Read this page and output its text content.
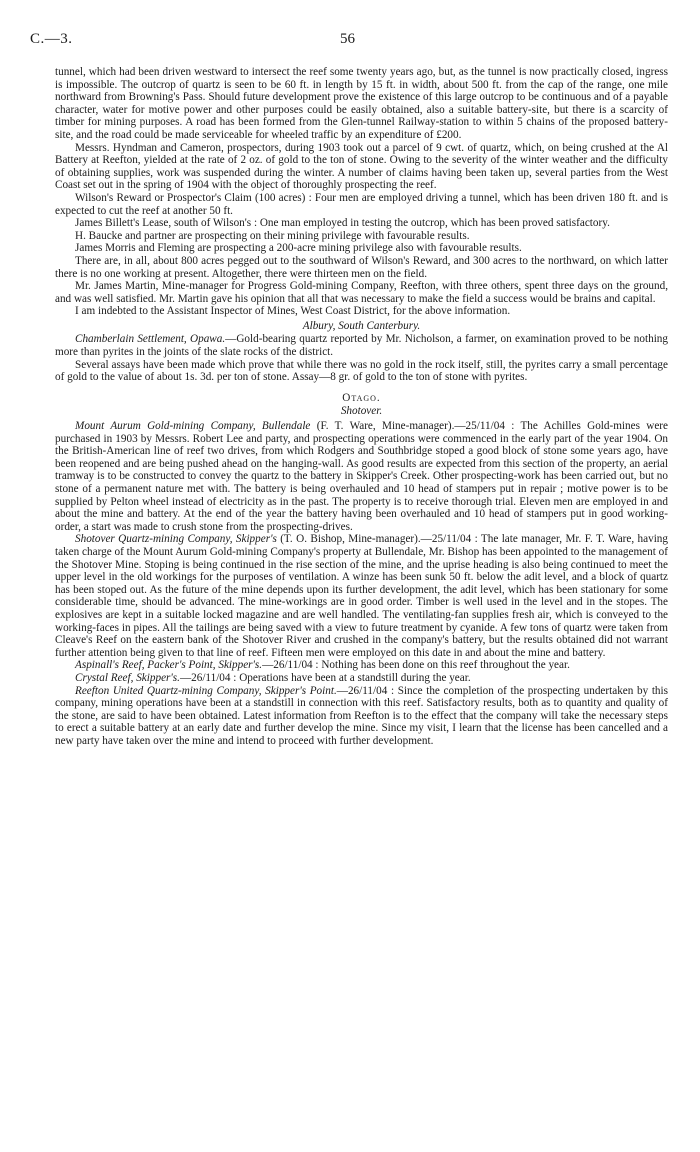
C.—3.	56

tunnel, which had been driven westward to intersect the reef some twenty years ago, but, as the tunnel is now practically closed, ingress is impossible. The outcrop of quartz is seen to be 60 ft. in length by 15 ft. in width, about 500 ft. from the cap of the range, one mile northward from Browning's Pass. Should future development prove the existence of this large outcrop to be continuous and of a payable character, water for motive power and other purposes could be easily obtained, also a suitable battery-site, but there is a scarcity of timber for mining purposes. A road has been formed from the Glen-tunnel Railway-station to within 5 chains of the proposed battery-site, and the road could be made serviceable for wheeled traffic by an expenditure of £200.

Messrs. Hyndman and Cameron, prospectors, during 1903 took out a parcel of 9 cwt. of quartz, which, on being crushed at the Al Battery at Reefton, yielded at the rate of 2 oz. of gold to the ton of stone. Owing to the severity of the winter weather and the difficulty of obtaining supplies, work was suspended during the winter. A number of claims having been taken up, several parties from the West Coast set out in the spring of 1904 with the object of thoroughly prospecting the reef.

Wilson's Reward or Prospector's Claim (100 acres) : Four men are employed driving a tunnel, which has been driven 180 ft. and is expected to cut the reef at another 50 ft.

James Billett's Lease, south of Wilson's : One man employed in testing the outcrop, which has been proved satisfactory.

H. Baucke and partner are prospecting on their mining privilege with favourable results.

James Morris and Fleming are prospecting a 200-acre mining privilege also with favourable results.

There are, in all, about 800 acres pegged out to the southward of Wilson's Reward, and 300 acres to the northward, on which latter there is no one working at present. Altogether, there were thirteen men on the field.

Mr. James Martin, Mine-manager for Progress Gold-mining Company, Reefton, with three others, spent three days on the ground, and was well satisfied. Mr. Martin gave his opinion that all that was necessary to make the field a success would be brains and capital.

I am indebted to the Assistant Inspector of Mines, West Coast District, for the above information.

Albury, South Canterbury.

Chamberlain Settlement, Opawa.—Gold-bearing quartz reported by Mr. Nicholson, a farmer, on examination proved to be nothing more than pyrites in the joints of the slate rocks of the district.

Several assays have been made which prove that while there was no gold in the rock itself, still, the pyrites carry a small percentage of gold to the value of about 1s. 3d. per ton of stone. Assay—8 gr. of gold to the ton of stone with pyrites.

Otago.
Shotover.

Mount Aurum Gold-mining Company, Bullendale (F. T. Ware, Mine-manager).—25/11/04 : The Achilles Gold-mines were purchased in 1903 by Messrs. Robert Lee and party, and prospecting operations were commenced in the early part of the year 1904. On the British-American line of reef two drives, from which Rodgers and Southbridge stoped a good block of stone some years ago, have been reopened and are being pushed ahead on the hanging-wall. As good results are expected from this section of the property, an aerial tramway is to be constructed to convey the quartz to the battery in Skipper's Creek. Other prospecting-work has been carried out, but no stone of a permanent nature met with. The battery is being overhauled and 10 head of stampers put in repair ; motive power is to be supplied by Pelton wheel instead of electricity as in the past. The property is to receive thorough trial. Eleven men are employed in and about the mine and battery. At the end of the year the battery having been overhauled and 10 head of stampers put in good working-order, a start was made to crush stone from the prospecting-drives.

Shotover Quartz-mining Company, Skipper's (T. O. Bishop, Mine-manager).—25/11/04 : The late manager, Mr. F. T. Ware, having taken charge of the Mount Aurum Gold-mining Company's property at Bullendale, Mr. Bishop has been appointed to the management of the Shotover Mine. Stoping is being continued in the rise section of the mine, and the uprise heading is also being continued to meet the upper level in the old workings for the purposes of ventilation. A winze has been sunk 50 ft. below the adit level, and a block of quartz has been stoped out. As the future of the mine depends upon its further development, the adit level, which has been stationary for some considerable time, should be advanced. The mine-workings are in good order. Timber is well used in the level and in the stopes. The explosives are kept in a suitable locked magazine and are well handled. The ventilating-fan supplies fresh air, which is conveyed to the working-faces in pipes. All the tailings are being saved with a view to future treatment by cyanide. A few tons of quartz were taken from Cleave's Reef on the eastern bank of the Shotover River and crushed in the company's battery, but the results obtained did not warrant further attention being given to that line of reef. Fifteen men were employed on this date in and about the mine and battery.

Aspinall's Reef, Packer's Point, Skipper's.—26/11/04 : Nothing has been done on this reef throughout the year.

Crystal Reef, Skipper's.—26/11/04 : Operations have been at a standstill during the year.

Reefton United Quartz-mining Company, Skipper's Point.—26/11/04 : Since the completion of the prospecting undertaken by this company, mining operations have been at a standstill in connection with this reef. Satisfactory results, both as to quantity and quality of the stone, are said to have been obtained. Latest information from Reefton is to the effect that the company will take the necessary steps to erect a suitable battery at an early date and further develop the mine. Since my visit, I learn that the license has been cancelled and a new party have taken over the mine and intend to proceed with further development.
